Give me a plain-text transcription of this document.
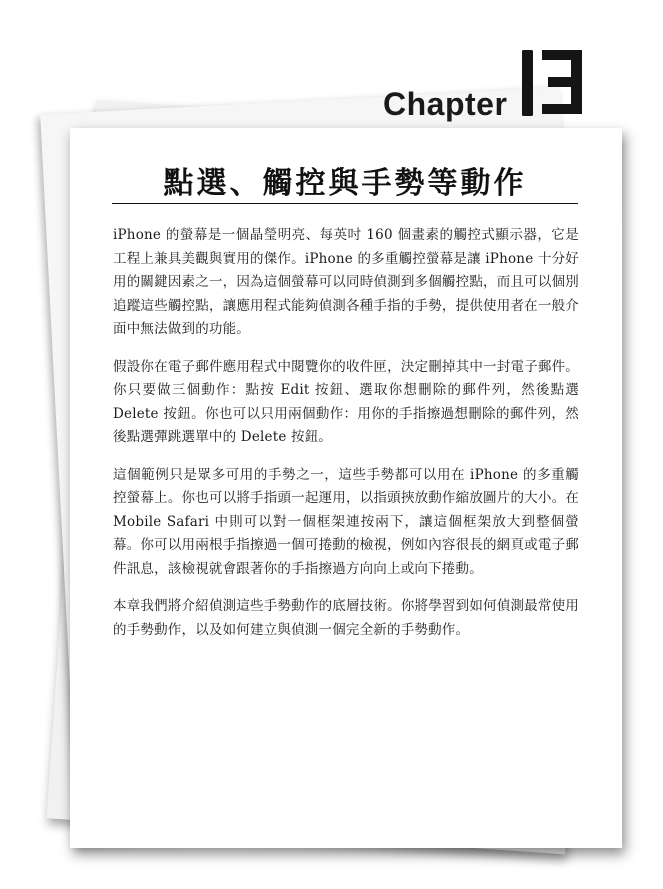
Chapter
點選、觸控與手勢等動作

iPhone 的螢幕是一個晶瑩明亮、每英吋 160 個畫素的觸控式顯示器，它是工程上兼具美觀與實用的傑作。iPhone 的多重觸控螢幕是讓 iPhone 十分好用的關鍵因素之一，因為這個螢幕可以同時偵測到多個觸控點，而且可以個別追蹤這些觸控點，讓應用程式能夠偵測各種手指的手勢，提供使用者在一般介面中無法做到的功能。

假設你在電子郵件應用程式中閱覽你的收件匣，決定刪掉其中一封電子郵件。你只要做三個動作：點按 Edit 按鈕、選取你想刪除的郵件列，然後點選 Delete 按鈕。你也可以只用兩個動作：用你的手指擦過想刪除的郵件列，然後點選彈跳選單中的 Delete 按鈕。

這個範例只是眾多可用的手勢之一，這些手勢都可以用在 iPhone 的多重觸控螢幕上。你也可以將手指頭一起運用，以指頭挾放動作縮放圖片的大小。在 Mobile Safari 中則可以對一個框架連按兩下，讓這個框架放大到整個螢幕。你可以用兩根手指擦過一個可捲動的檢視，例如內容很長的網頁或電子郵件訊息，該檢視就會跟著你的手指擦過方向向上或向下捲動。

本章我們將介紹偵測這些手勢動作的底層技術。你將學習到如何偵測最常使用的手勢動作，以及如何建立與偵測一個完全新的手勢動作。
